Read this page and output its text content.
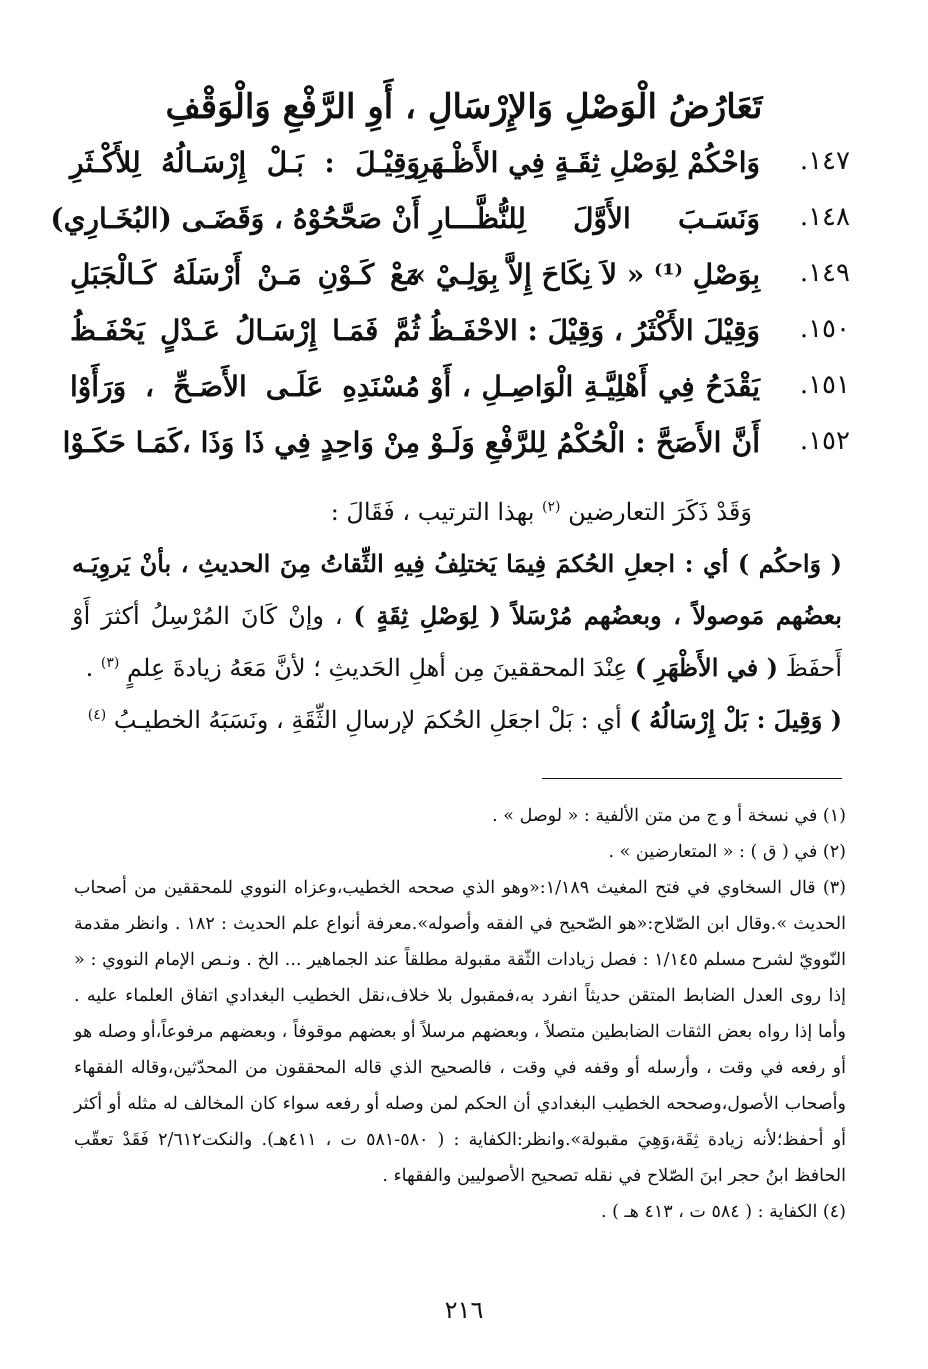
تَعَارُضُ الْوَصْلِ وَالإِرْسَالِ ، أَوِ الرَّفْعِ وَالْوَقْفِ
١٤٧.
وَاحْكُمْ لِوَصْلِ ثِقَـةٍ فِي الأَظْـهَرِ
وَقِيْـلَ : بَـلْ إِرْسَـالُهُ لِلأَكْـثَرِ
١٤٨.
وَنَسَـبَ الأَوَّلَ لِلنُّظَّـــارِ
أَنْ صَحَّحُوْهُ ، وَقَضَـى (البُخَـارِي)
١٤٩.
بِوَصْلِ ⁽¹⁾ « لاَ نِكَاحَ إِلاَّ بِوَلِـيْ »
مَعْ كَـوْنِ مَـنْ أَرْسَلَهُ كَـالْجَبَلِ
١٥٠.
وَقِيْلَ الأَكْثَرُ ، وَقِيْلَ : الاحْفَـظُ
ثُمَّ فَمَـا إِرْسَـالُ عَـدْلٍ يَحْفَـظُ
١٥١.
يَقْدَحُ فِي أَهْلِيَّـةِ الْوَاصِـلِ ، أَوْ
مُسْنَدِهِ عَلَـى الأَصَـحِّ ، وَرَأَوْا
١٥٢.
أَنَّ الأَصَحَّ : الْحُكْمُ لِلرَّفْعِ وَلَـوْ
مِنْ وَاحِدٍ فِي ذَا وَذَا ،كَمَـا حَكَـوْا

وَقَدْ ذَكَرَ التعارضين $^{(٢)}$ بهذا الترتيب ، فَقَالَ :

( وَاحكُم ) أي : اجعلِ الحُكمَ فِيمَا يَختلِفُ فِيهِ الثِّقاتُ مِنَ الحديثِ ، بأنْ يَروِيَـه بعضُهم مَوصولاً ، وبعضُهم مُرْسَلاً ( لِوَصْلِ ثِقَةٍ ) ، وإنْ كَانَ المُرْسِلُ أكثرَ أَوْ أَحفَظَ ( في الأَظْهَرِ ) عِنْدَ المحققينَ مِن أهلِ الحَديثِ ؛ لأنَّ مَعَهُ زيادةَ عِلمٍ $^{(٣)}$ .

( وَقِيلَ : بَلْ إِرْسَالُهُ ) أي : بَلْ اجعَلِ الحُكمَ لإرسالِ الثِّقَةِ ، ونَسَبَهُ الخطيـبُ $^{(٤)}$

(١) في نسخة أ و ج من متن الألفية : « لوصل » .

(٢) في ( ق ) : « المتعارضين » .

(٣) قال السخاوي في فتح المغيث ١/١٨٩:«وهو الذي صححه الخطيب،وعزاه النووي للمحققين من أصحاب الحديث ».وقال ابن الصّلاح:«هو الصّحيح في الفقه وأصوله».معرفة أنواع علم الحديث : ١٨٢ . وانظر مقدمة النّوويّ لشرح مسلم ١/١٤٥ : فصل زيادات الثّقة مقبولة مطلقاً عند الجماهير ... الخ . ونـص الإمام النووي : « إذا روى العدل الضابط المتقن حديثاً انفرد به،فمقبول بلا خلاف،نقل الخطيب البغدادي اتفاق العلماء عليه . وأما إذا رواه بعض الثقات الضابطين متصلاً ، وبعضهم مرسلاً أو بعضهم موقوفاً ، وبعضهم مرفوعاً،أو وصله هو أو رفعه في وقت ، وأرسله أو وقفه في وقت ، فالصحيح الذي قاله المحققون من المحدّثين،وقاله الفقهاء وأصحاب الأصول،وصححه الخطيب البغدادي أن الحكم لمن وصله أو رفعه سواء كان المخالف له مثله أو أكثر أو أحفظ؛لأنه زيادة ثِقَة،وَهِيَ مقبولة».وانظر:الكفاية : ( ٥٨٠-٥٨١ ت ، ٤١١هـ). والنكت٢/٦١٢ فَقَدْ تعقّب الحافظ ابنُ حجر ابنَ الصّلاح في نقله تصحيح الأصوليين والفقهاء .

(٤) الكفاية : ( ٥٨٤ ت ، ٤١٣ هـ ) .

٢١٦
